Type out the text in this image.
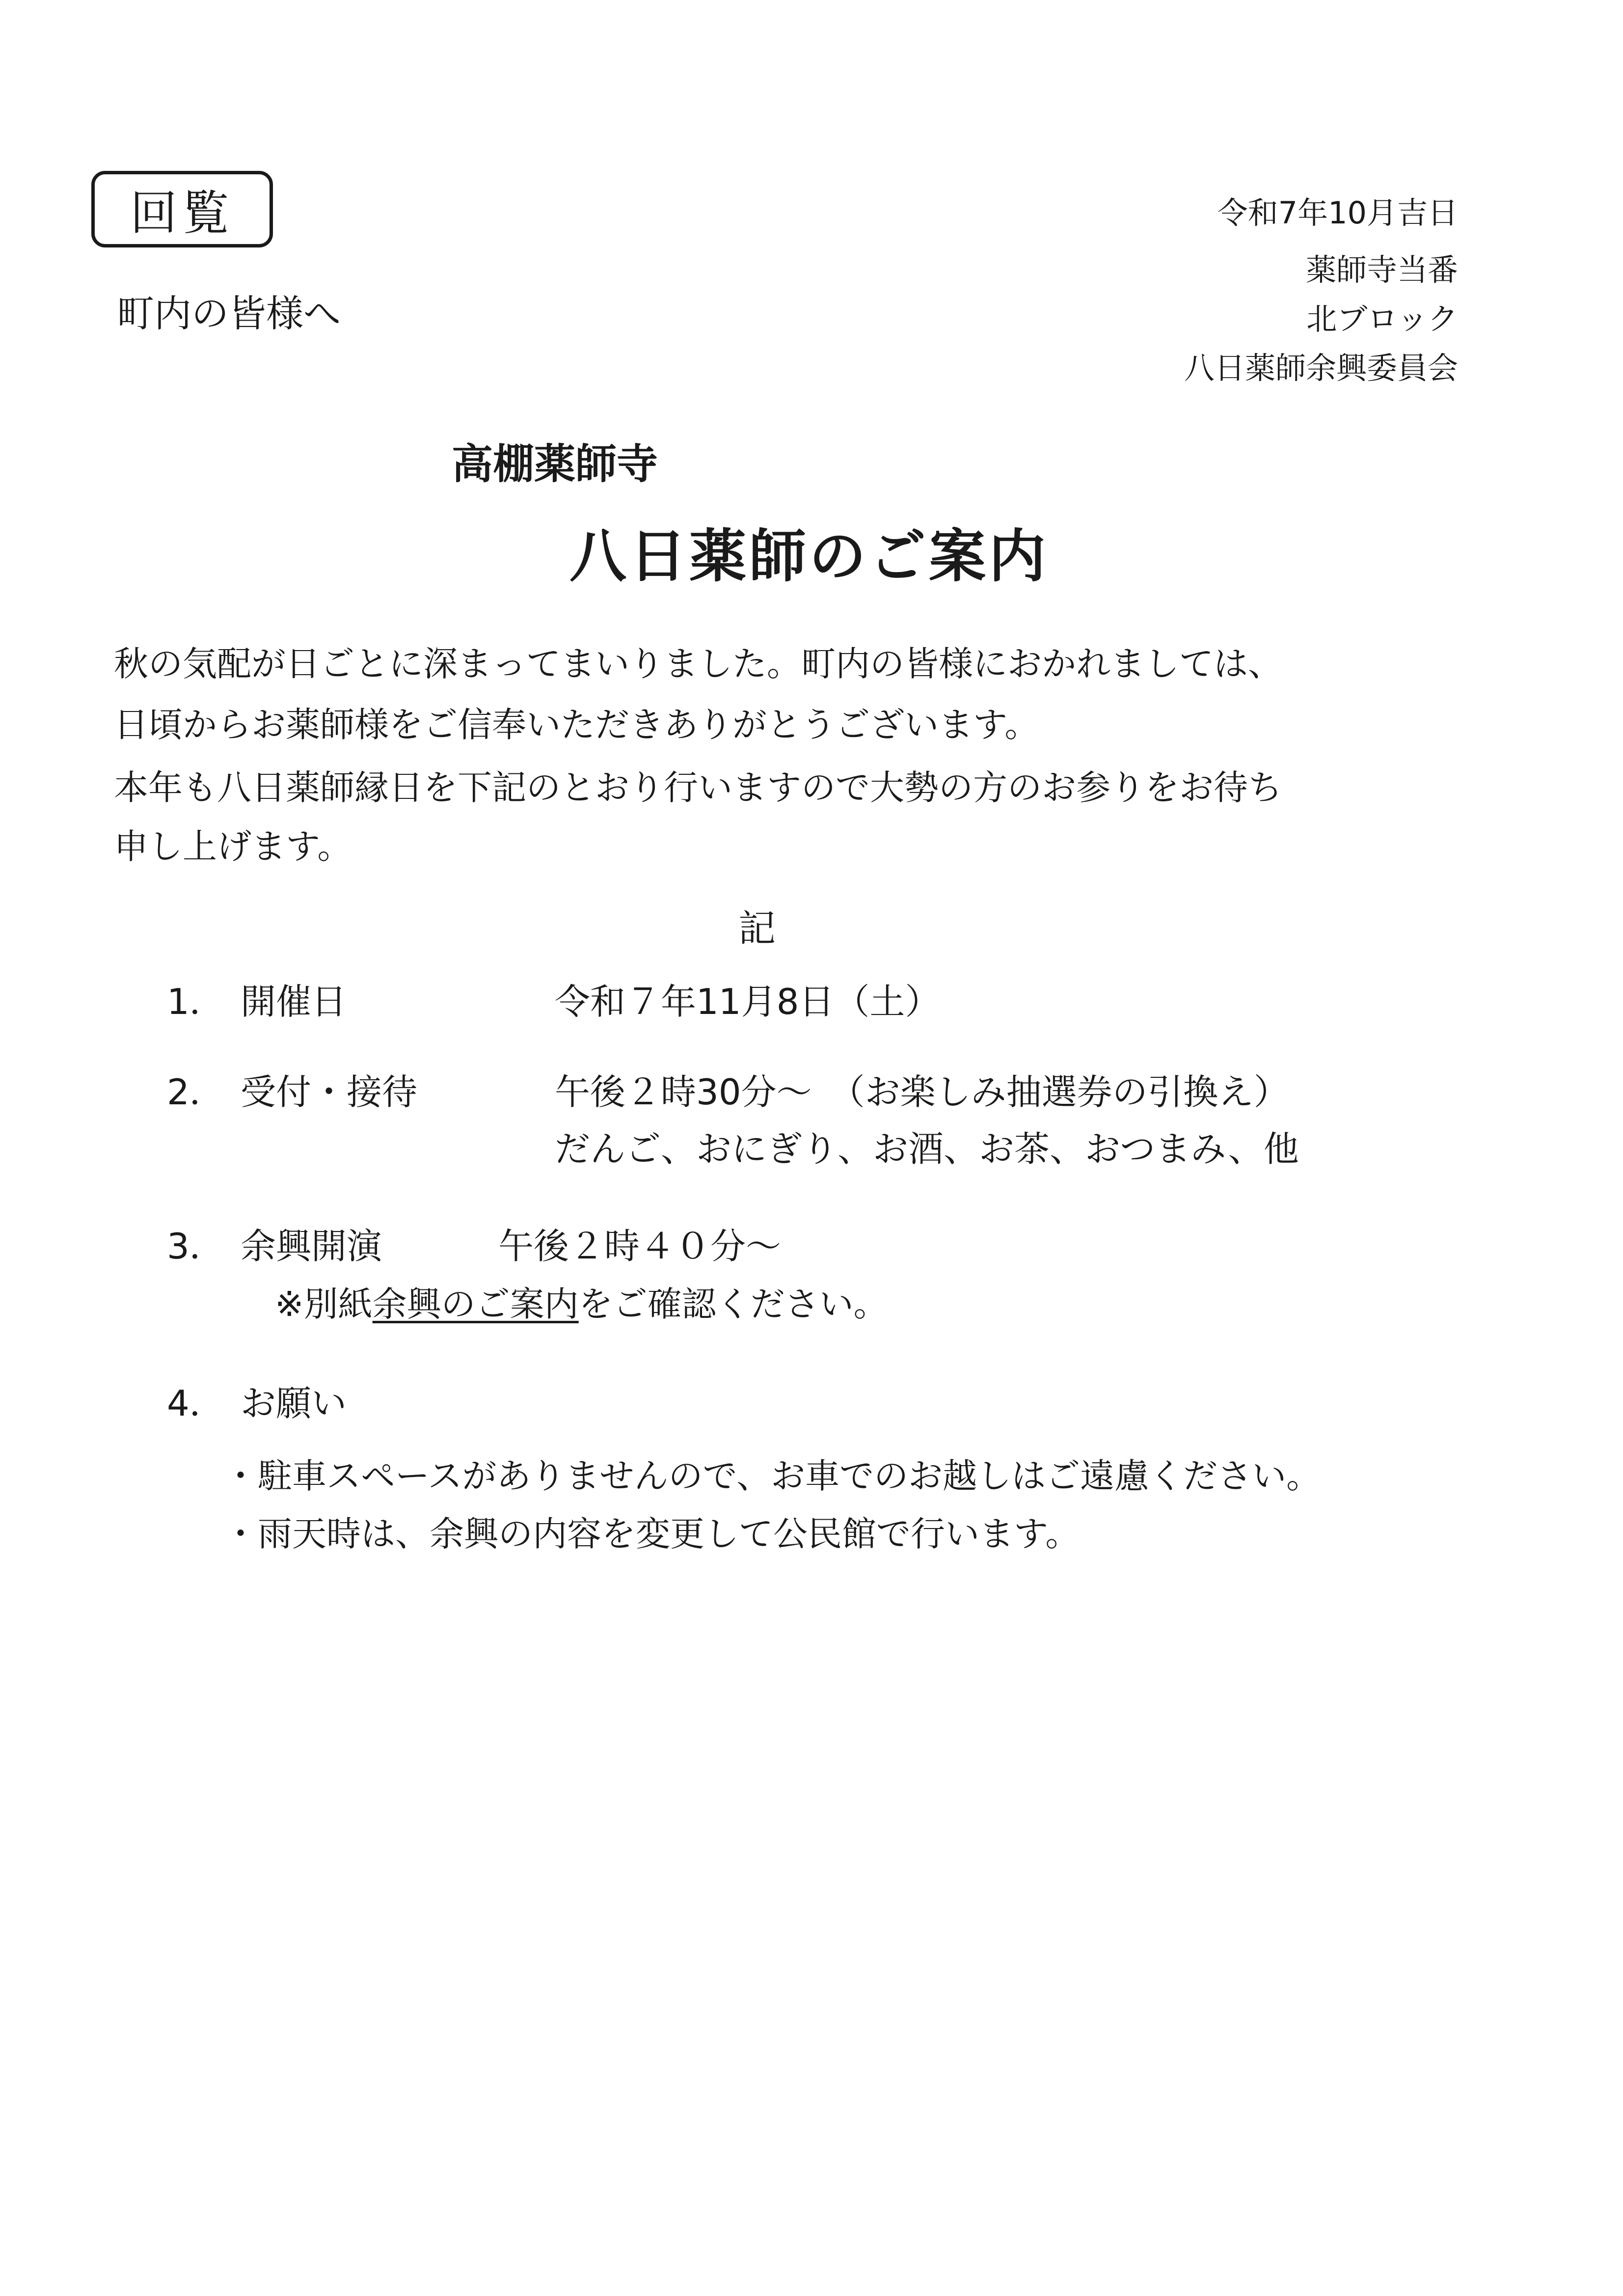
回覧
町内の皆様へ
令和7年10月吉日
薬師寺当番
北ブロック
八日薬師余興委員会
高棚薬師寺
八日薬師のご案内
秋の気配が日ごとに深まってまいりました。町内の皆様におかれましては、
日頃からお薬師様をご信奉いただきありがとうございます。
本年も八日薬師縁日を下記のとおり行いますので大勢の方のお参りをお待ち
申し上げます。
記
1． 開催日	令和７年11月8日（土）
2． 受付・接待	午後２時30分～　（お楽しみ抽選券の引換え）
だんご、おにぎり、お酒、お茶、おつまみ、他
3． 余興開演	午後２時４０分～
※別紙余興のご案内をご確認ください。
4． お願い
・駐車スペースがありませんので、お車でのお越しはご遠慮ください。
・雨天時は、余興の内容を変更して公民館で行います。
